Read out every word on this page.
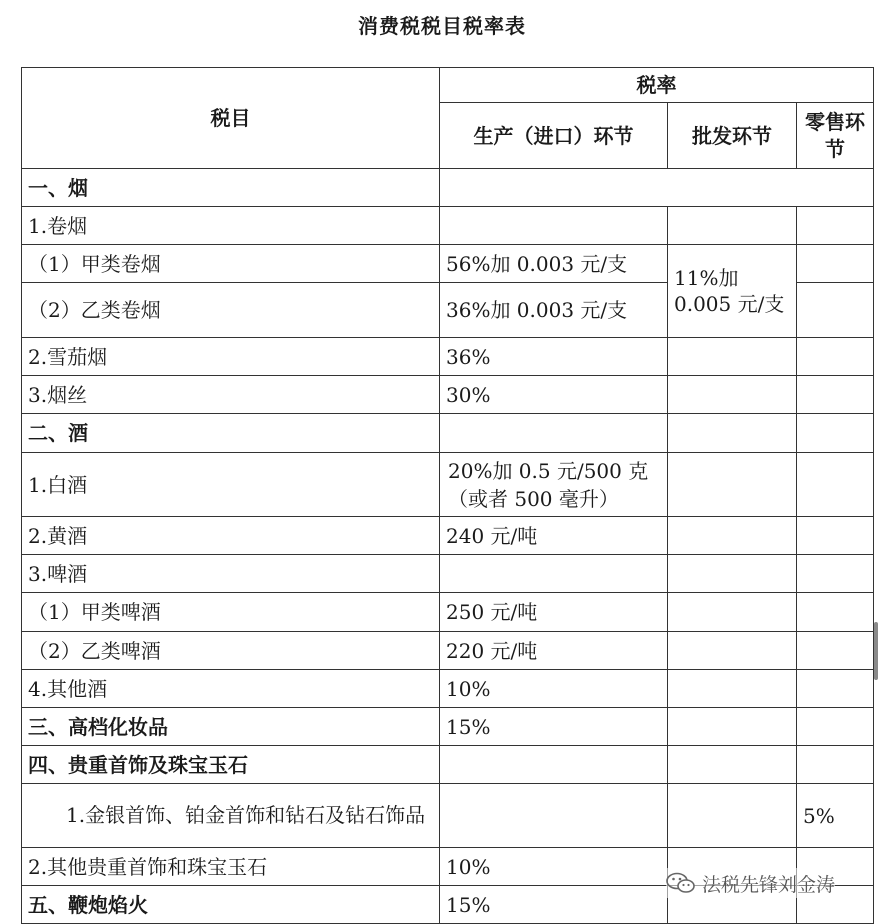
消费税税目税率表
税目	税率		
	生产（进口）环节	批发环节	零售环节
一、烟			
1.卷烟			
（1）甲类卷烟	56%加 0.003 元/支	11%加 0.005 元/支	
（2）乙类卷烟	36%加 0.003 元/支		
2.雪茄烟	36%		
3.烟丝	30%		
二、酒			
1.白酒	20%加 0.5 元/500 克（或者 500 毫升）		
2.黄酒	240 元/吨		
3.啤酒			
（1）甲类啤酒	250 元/吨		
（2）乙类啤酒	220 元/吨		
4.其他酒	10%		
三、高档化妆品	15%		
四、贵重首饰及珠宝玉石			
1.金银首饰、铂金首饰和钻石及钻石饰品			5%
2.其他贵重首饰和珠宝玉石	10%		
五、鞭炮焰火	15%		
法税先锋刘金涛
